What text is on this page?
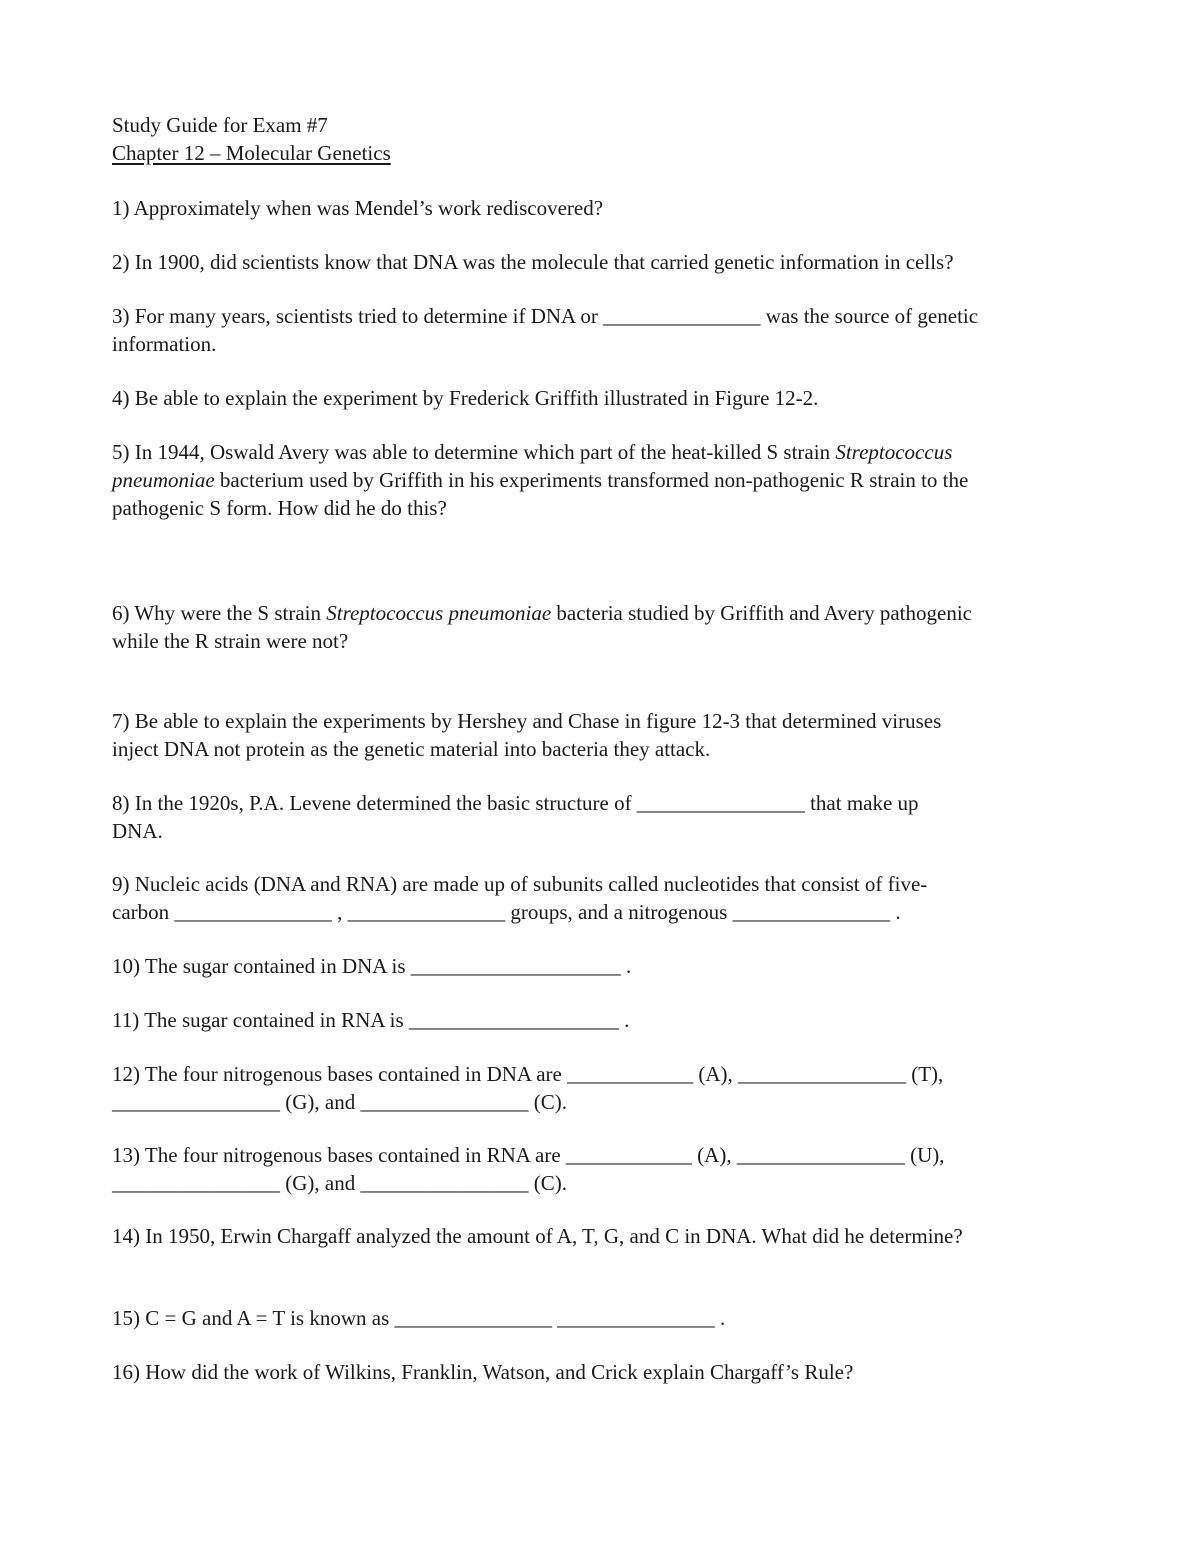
Study Guide for Exam #7
Chapter 12 – Molecular Genetics
1) Approximately when was Mendel’s work rediscovered?
2) In 1900, did scientists know that DNA was the molecule that carried genetic information in cells?
3) For many years, scientists tried to determine if DNA or _______________ was the source of genetic
information.
4) Be able to explain the experiment by Frederick Griffith illustrated in Figure 12-2.
5) In 1944, Oswald Avery was able to determine which part of the heat-killed S strain Streptococcus
pneumoniae bacterium used by Griffith in his experiments transformed non-pathogenic R strain to the
pathogenic S form. How did he do this?
6) Why were the S strain Streptococcus pneumoniae bacteria studied by Griffith and Avery pathogenic
while the R strain were not?
7) Be able to explain the experiments by Hershey and Chase in figure 12-3 that determined viruses
inject DNA not protein as the genetic material into bacteria they attack.
8) In the 1920s, P.A. Levene determined the basic structure of ________________ that make up
DNA.
9) Nucleic acids (DNA and RNA) are made up of subunits called nucleotides that consist of five-
carbon _______________ , _______________ groups, and a nitrogenous _______________ .
10) The sugar contained in DNA is ____________________ .
11) The sugar contained in RNA is ____________________ .
12) The four nitrogenous bases contained in DNA are ____________ (A), ________________ (T),
________________ (G), and ________________ (C).
13) The four nitrogenous bases contained in RNA are ____________ (A), ________________ (U),
________________ (G), and ________________ (C).
14) In 1950, Erwin Chargaff analyzed the amount of A, T, G, and C in DNA. What did he determine?
15) C = G and A = T is known as _______________ _______________ .
16) How did the work of Wilkins, Franklin, Watson, and Crick explain Chargaff’s Rule?
